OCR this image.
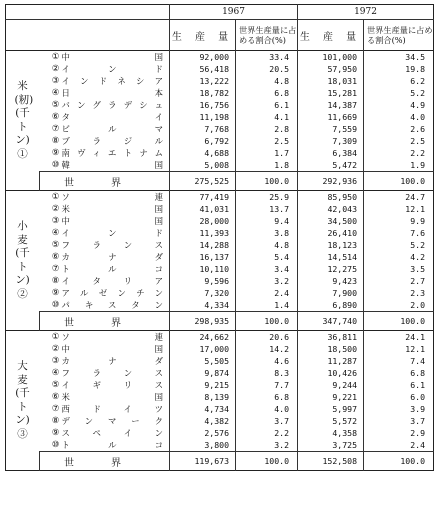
			1967		1972	
			生 産 量	世界生産量に占める割合(%)	生 産 量	世界生産量に占める割合(%)
米(籾)(千トン)①	①	中国	92,000	33.4	101,000	34.5
	②	インド	56,418	20.5	57,950	19.8
	③	インドネシア	13,222	4.8	18,031	6.2
	④	日本	18,782	6.8	15,281	5.2
	⑤	バングラデシュ	16,756	6.1	14,387	4.9
	⑥	タイ	11,198	4.1	11,669	4.0
	⑦	ビルマ	7,768	2.8	7,559	2.6
	⑧	ブラジル	6,792	2.5	7,309	2.5
	⑨	南ヴィエトナム	4,688	1.7	6,384	2.2
	⑩	韓国	5,008	1.8	5,472	1.9
	世界		275,525	100.0	292,936	100.0
小麦(千トン)②	①	ソ連	77,419	25.9	85,950	24.7
	②	米国	41,031	13.7	42,043	12.1
	③	中国	28,000	9.4	34,500	9.9
	④	インド	11,393	3.8	26,410	7.6
	⑤	フランス	14,288	4.8	18,123	5.2
	⑥	カナダ	16,137	5.4	14,514	4.2
	⑦	トルコ	10,110	3.4	12,275	3.5
	⑧	イタリア	9,596	3.2	9,423	2.7
	⑨	アルゼンチン	7,320	2.4	7,900	2.3
	⑩	パキスタン	4,334	1.4	6,890	2.0
	世界		298,935	100.0	347,740	100.0
大麦(千トン)③	①	ソ連	24,662	20.6	36,811	24.1
	②	中国	17,000	14.2	18,500	12.1
	③	カナダ	5,505	4.6	11,287	7.4
	④	フランス	9,874	8.3	10,426	6.8
	⑤	イギリス	9,215	7.7	9,244	6.1
	⑥	米国	8,139	6.8	9,221	6.0
	⑦	西ドイツ	4,734	4.0	5,997	3.9
	⑧	デンマーク	4,382	3.7	5,572	3.7
	⑨	スペイン	2,576	2.2	4,358	2.9
	⑩	トルコ	3,800	3.2	3,725	2.4
	世界		119,673	100.0	152,508	100.0
